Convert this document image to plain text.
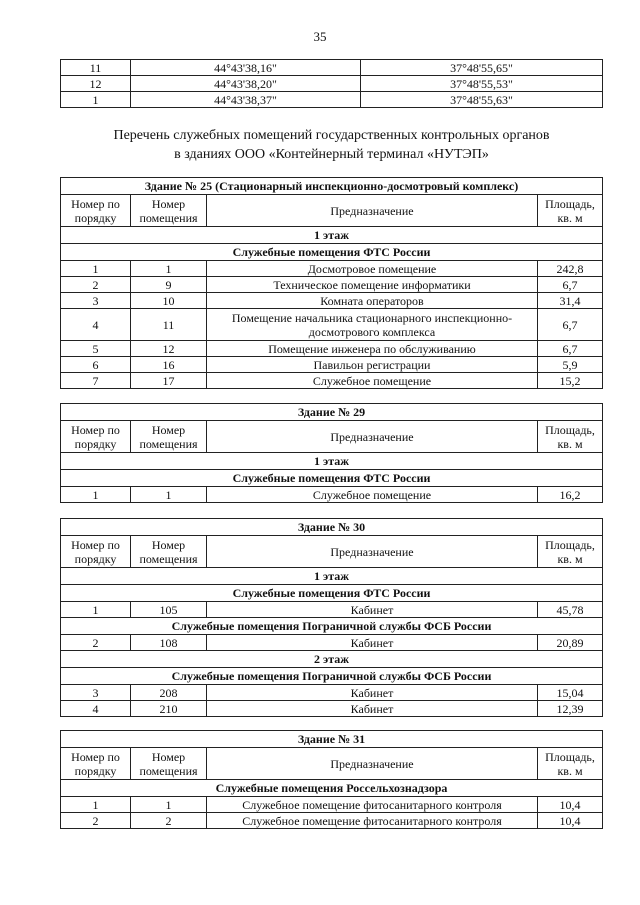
35
11	44°43'38,16"	37°48'55,65"
12	44°43'38,20"	37°48'55,53"
1	44°43'38,37"	37°48'55,63"
Перечень служебных помещений государственных контрольных органов
в зданиях ООО «Контейнерный терминал «НУТЭП»
Здание № 25 (Стационарный инспекционно-досмотровый комплекс)			
Номер по порядку	Номер помещения	Предназначение	Площадь, кв. м
1 этаж			
Служебные помещения ФТС России			
1	1	Досмотровое помещение	242,8
2	9	Техническое помещение информатики	6,7
3	10	Комната операторов	31,4
4	11	Помещение начальника стационарного инспекционно-досмотрового комплекса	6,7
5	12	Помещение инженера по обслуживанию	6,7
6	16	Павильон регистрации	5,9
7	17	Служебное помещение	15,2
Здание № 29			
Номер по порядку	Номер помещения	Предназначение	Площадь, кв. м
1 этаж			
Служебные помещения ФТС России			
1	1	Служебное помещение	16,2
Здание № 30			
Номер по порядку	Номер помещения	Предназначение	Площадь, кв. м
1 этаж			
Служебные помещения ФТС России			
1	105	Кабинет	45,78
Служебные помещения Пограничной службы ФСБ России			
2	108	Кабинет	20,89
2 этаж			
Служебные помещения Пограничной службы ФСБ России			
3	208	Кабинет	15,04
4	210	Кабинет	12,39
Здание № 31			
Номер по порядку	Номер помещения	Предназначение	Площадь, кв. м
Служебные помещения Россельхознадзора			
1	1	Служебное помещение фитосанитарного контроля	10,4
2	2	Служебное помещение фитосанитарного контроля	10,4
